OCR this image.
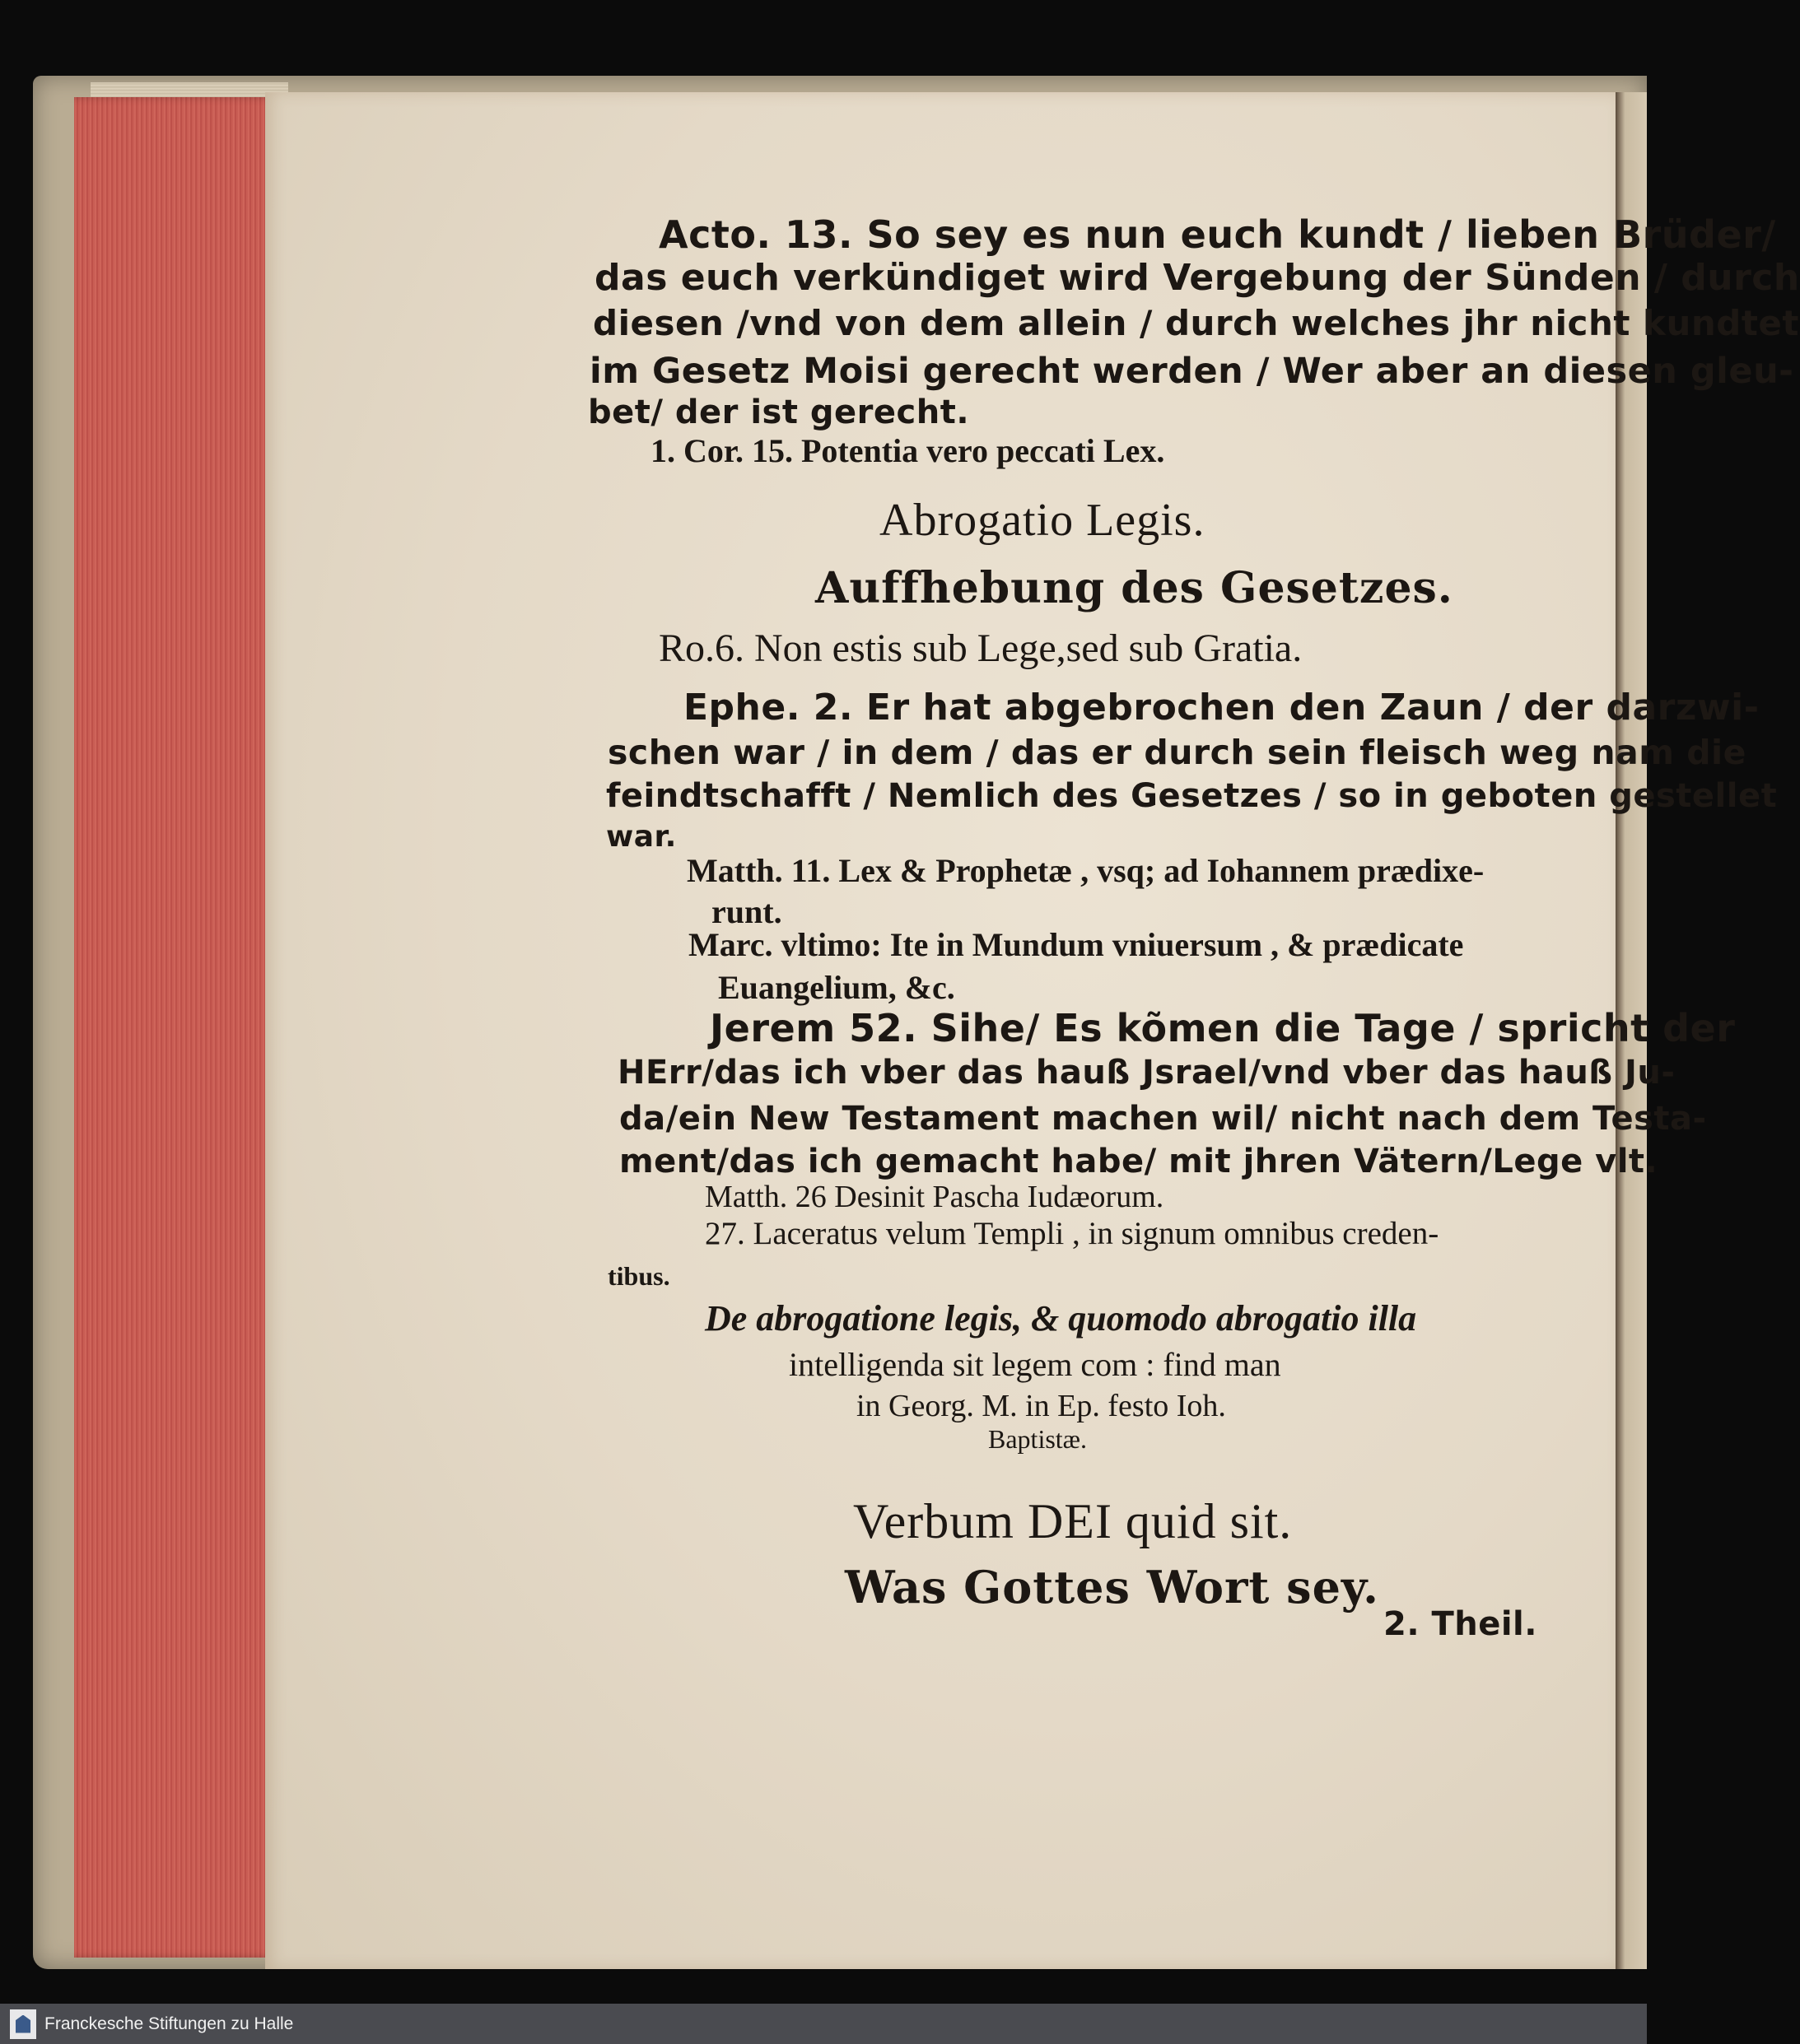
Acto. 13. So sey es nun euch kundt / lieben Brüder/
das euch verkündiget wird Vergebung der Sünden / durch
diesen /vnd von dem allein / durch welches jhr nicht kundtet
im Gesetz Moisi gerecht werden / Wer aber an diesen gleu-
bet/ der ist gerecht.
1. Cor. 15. Potentia vero peccati Lex.
Abrogatio Legis.
Auffhebung des Gesetzes.
Ro.6. Non estis sub Lege,sed sub Gratia.
Ephe. 2. Er hat abgebrochen den Zaun / der darzwi-
schen war / in dem / das er durch sein fleisch weg nam die
feindtschafft / Nemlich des Gesetzes / so in geboten gestellet
war.
Matth. 11. Lex & Prophetæ , vsq; ad Iohannem prædixe-
runt.
Marc. vltimo: Ite in Mundum vniuersum , & prædicate
Euangelium, &c.
Jerem 52. Sihe/ Es kõmen die Tage / spricht der
HErr/das ich vber das hauß Jsrael/vnd vber das hauß Ju-
da/ein New Testament machen wil/ nicht nach dem Testa-
ment/das ich gemacht habe/ mit jhren Vätern/Lege vlt.
Matth. 26 Desinit Pascha Iudæorum.
27. Laceratus velum Templi , in signum omnibus creden-
tibus.
De abrogatione legis, & quomodo abrogatio illa
intelligenda sit legem com : find man
in Georg. M. in Ep. festo Ioh.
Baptistæ.
Verbum DEI quid sit.
Was Gottes Wort sey.
2. Theil.
Franckesche Stiftungen zu Halle
